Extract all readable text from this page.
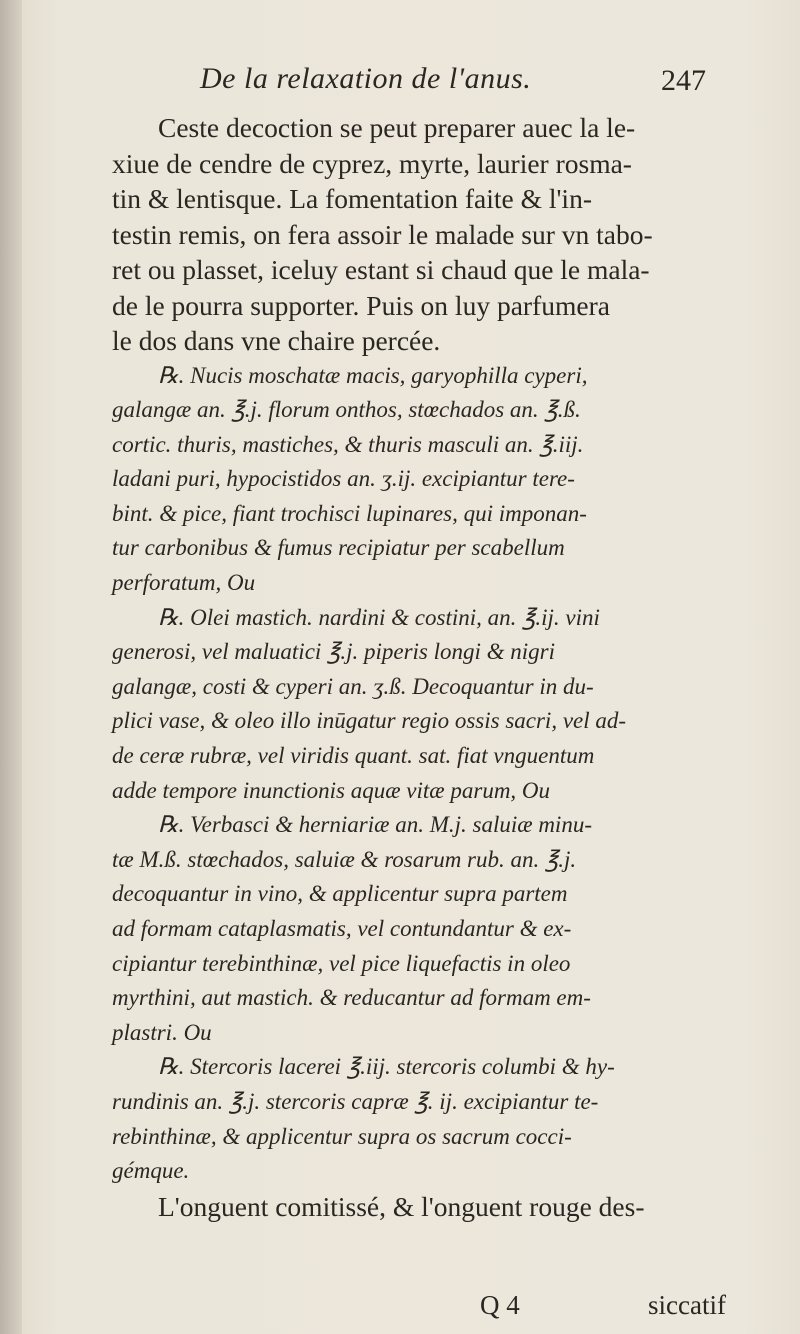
De la relaxation de l'anus.	247

Ceste decoction se peut preparer auec la le-
xiue de cendre de cyprez, myrte, laurier rosma-
tin & lentisque. La fomentation faite & l'in-
testin remis, on fera assoir le malade sur vn tabo-
ret ou plasset, iceluy estant si chaud que le mala-
de le pourra supporter. Puis on luy parfumera
le dos dans vne chaire percée.

℞. Nucis moschatæ macis, garyophilla cyperi,
galangæ an. ℥.j. florum onthos, stœchados an. ℥.ß.
cortic. thuris, mastiches, & thuris masculi an. ℥.iij.
ladani puri, hypocistidos an. ʒ.ij. excipiantur tere-
bint. & pice, fiant trochisci lupinares, qui imponan-
tur carbonibus & fumus recipiatur per scabellum
perforatum, Ou
℞. Olei mastich. nardini & costini, an. ℥.ij. vini
generosi, vel maluatici ℥.j. piperis longi & nigri
galangæ, costi & cyperi an. ʒ.ß. Decoquantur in du-
plici vase, & oleo illo inūgatur regio ossis sacri, vel ad-
de ceræ rubræ, vel viridis quant. sat. fiat vnguentum
adde tempore inunctionis aquæ vitæ parum, Ou
℞. Verbasci & herniariæ an. M.j. saluiæ minu-
tæ M.ß. stœchados, saluiæ & rosarum rub. an. ℥.j.
decoquantur in vino, & applicentur supra partem
ad formam cataplasmatis, vel contundantur & ex-
cipiantur terebinthinæ, vel pice liquefactis in oleo
myrthini, aut mastich. & reducantur ad formam em-
plastri. Ou
℞. Stercoris lacerei ℥.iij. stercoris columbi & hy-
rundinis an. ℥.j. stercoris capræ ℥. ij. excipiantur te-
rebinthinæ, & applicentur supra os sacrum cocci-
gémque.

L'onguent comitissé, & l'onguent rouge des-

Q 4	siccatif
